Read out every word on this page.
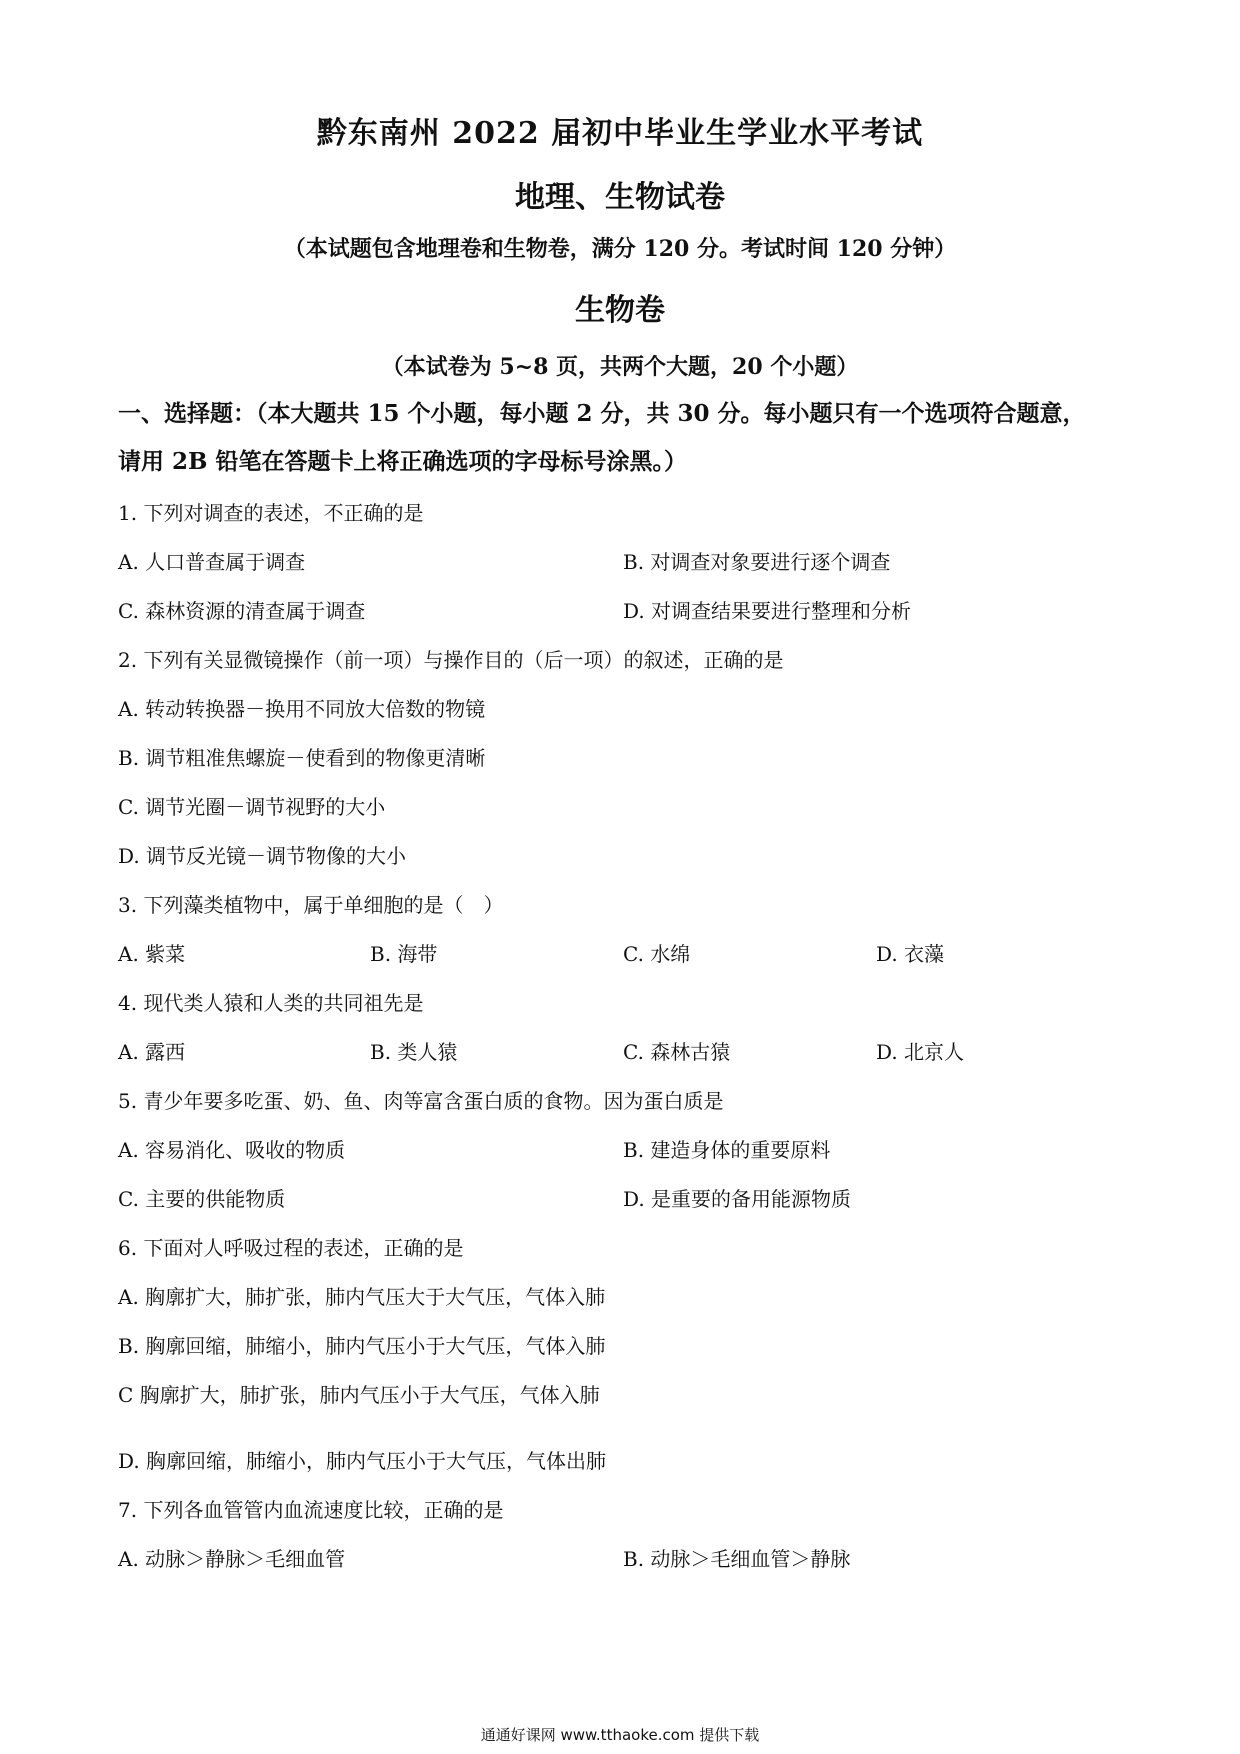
黔东南州 2022 届初中毕业生学业水平考试
地理、生物试卷
（本试题包含地理卷和生物卷，满分 120 分。考试时间 120 分钟）
生物卷
（本试卷为 5~8 页，共两个大题，20 个小题）
一、选择题：（本大题共 15 个小题，每小题 2 分，共 30 分。每小题只有一个选项符合题意，
请用 2B 铅笔在答题卡上将正确选项的字母标号涂黑。）
1. 下列对调查的表述，不正确的是
A. 人口普查属于调查	B. 对调查对象要进行逐个调查
C. 森林资源的清查属于调查	D. 对调查结果要进行整理和分析
2. 下列有关显微镜操作（前一项）与操作目的（后一项）的叙述，正确的是
A. 转动转换器－换用不同放大倍数的物镜
B. 调节粗准焦螺旋－使看到的物像更清晰
C. 调节光圈－调节视野的大小
D. 调节反光镜－调节物像的大小
3. 下列藻类植物中，属于单细胞的是（　）
A. 紫菜	B. 海带	C. 水绵	D. 衣藻
4. 现代类人猿和人类的共同祖先是
A. 露西	B. 类人猿	C. 森林古猿	D. 北京人
5. 青少年要多吃蛋、奶、鱼、肉等富含蛋白质的食物。因为蛋白质是
A. 容易消化、吸收的物质	B. 建造身体的重要原料
C. 主要的供能物质	D. 是重要的备用能源物质
6. 下面对人呼吸过程的表述，正确的是
A. 胸廓扩大，肺扩张，肺内气压大于大气压，气体入肺
B. 胸廓回缩，肺缩小，肺内气压小于大气压，气体入肺
C 胸廓扩大，肺扩张，肺内气压小于大气压，气体入肺
D. 胸廓回缩，肺缩小，肺内气压小于大气压，气体出肺
7. 下列各血管管内血流速度比较，正确的是
A. 动脉＞静脉＞毛细血管	B. 动脉＞毛细血管＞静脉
通通好课网 www.tthaoke.com 提供下载
